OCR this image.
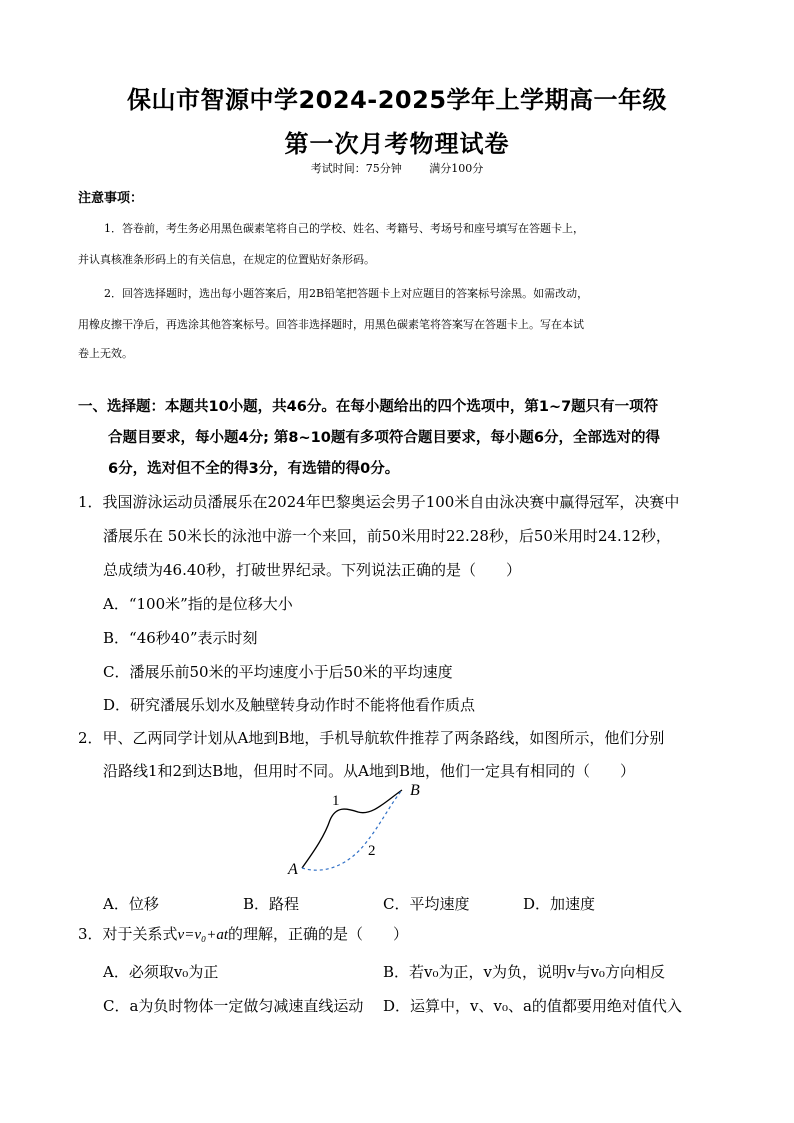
保山市智源中学2024-2025学年上学期高一年级
第一次月考物理试卷
考试时间：75分钟	满分100分
注意事项：
1．答卷前，考生务必用黑色碳素笔将自己的学校、姓名、考籍号、考场号和座号填写在答题卡上，
并认真核准条形码上的有关信息，在规定的位置贴好条形码。
2．回答选择题时，选出每小题答案后，用2B铅笔把答题卡上对应题目的答案标号涂黑。如需改动，
用橡皮擦干净后，再选涂其他答案标号。回答非选择题时，用黑色碳素笔将答案写在答题卡上。写在本试
卷上无效。
一、选择题：本题共10小题，共46分。在每小题给出的四个选项中，第1~7题只有一项符
合题目要求，每小题4分; 第8~10题有多项符合题目要求，每小题6分，全部选对的得
6分，选对但不全的得3分，有选错的得0分。
1．我国游泳运动员潘展乐在2024年巴黎奥运会男子100米自由泳决赛中赢得冠军，决赛中
潘展乐在 50米长的泳池中游一个来回，前50米用时22.28秒，后50米用时24.12秒，
总成绩为46.40秒，打破世界纪录。下列说法正确的是（　　）
A．“100米”指的是位移大小
B．“46秒40”表示时刻
C．潘展乐前50米的平均速度小于后50米的平均速度
D．研究潘展乐划水及触壁转身动作时不能将他看作质点
2．甲、乙两同学计划从A地到B地，手机导航软件推荐了两条路线，如图所示，他们分别
沿路线1和2到达B地，但用时不同。从A地到B地，他们一定具有相同的（　　）
A
B
1
2
A．位移	B．路程	C．平均速度	D．加速度
3．对于关系式v=v₀+at的理解，正确的是（　　）
A．必须取v₀为正	B．若v₀为正，v为负，说明v与v₀方向相反
C．a为负时物体一定做匀减速直线运动 D．运算中，v、v₀、a的值都要用绝对值代入
